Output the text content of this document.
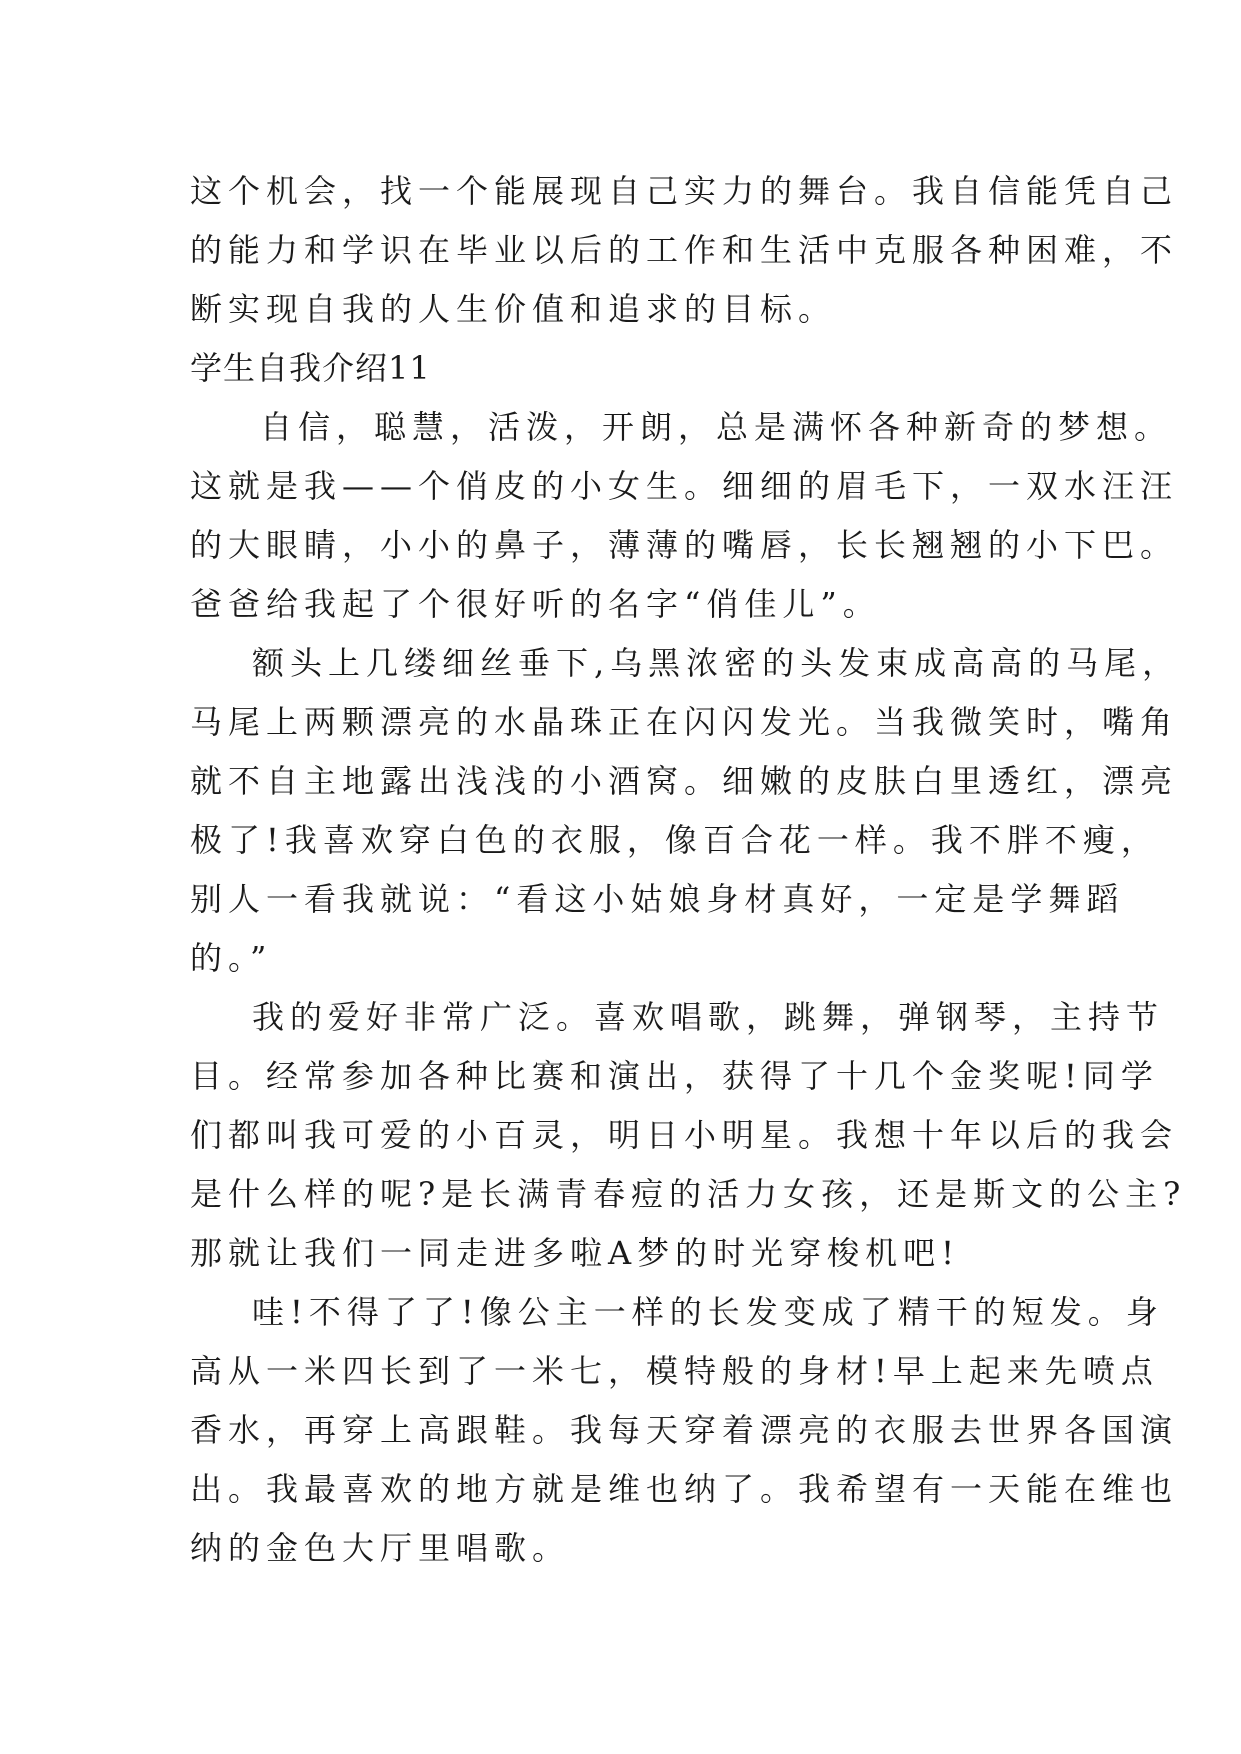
这个机会，找一个能展现自己实力的舞台。我自信能凭自己
的能力和学识在毕业以后的工作和生活中克服各种困难，不
断实现自我的人生价值和追求的目标。
学生自我介绍11
自信，聪慧，活泼，开朗，总是满怀各种新奇的梦想。
这就是我——个俏皮的小女生。细细的眉毛下，一双水汪汪
的大眼睛，小小的鼻子，薄薄的嘴唇，长长翘翘的小下巴。
爸爸给我起了个很好听的名字“俏佳儿”。
额头上几缕细丝垂下,乌黑浓密的头发束成高高的马尾，
马尾上两颗漂亮的水晶珠正在闪闪发光。当我微笑时，嘴角
就不自主地露出浅浅的小酒窝。细嫩的皮肤白里透红，漂亮
极了!我喜欢穿白色的衣服，像百合花一样。我不胖不瘦，
别人一看我就说：“看这小姑娘身材真好，一定是学舞蹈
的。”
我的爱好非常广泛。喜欢唱歌，跳舞，弹钢琴，主持节
目。经常参加各种比赛和演出，获得了十几个金奖呢!同学
们都叫我可爱的小百灵，明日小明星。我想十年以后的我会
是什么样的呢?是长满青春痘的活力女孩，还是斯文的公主?
那就让我们一同走进多啦A梦的时光穿梭机吧!
哇!不得了了!像公主一样的长发变成了精干的短发。身
高从一米四长到了一米七，模特般的身材!早上起来先喷点
香水，再穿上高跟鞋。我每天穿着漂亮的衣服去世界各国演
出。我最喜欢的地方就是维也纳了。我希望有一天能在维也
纳的金色大厅里唱歌。
